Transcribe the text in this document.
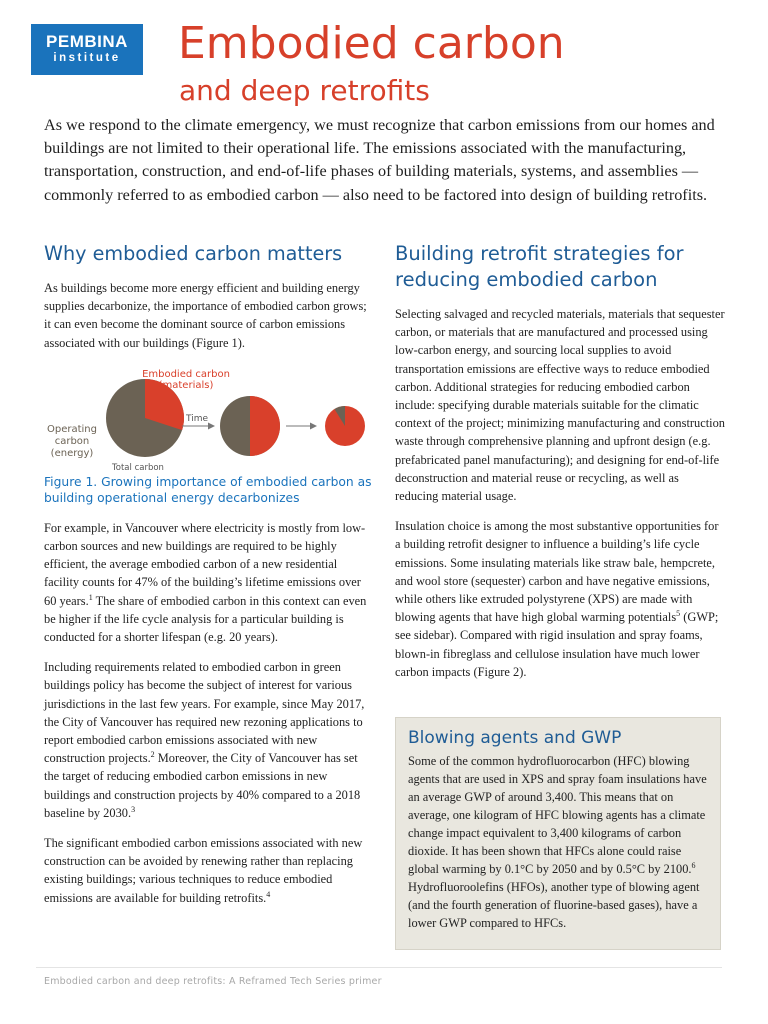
PEMBINA
institute	Embodied carbon
and deep retrofits

As we respond to the climate emergency, we must recognize that carbon emissions from our homes and buildings are not limited to their operational life. The emissions associated with the manufacturing, transportation, construction, and end-of-life phases of building materials, systems, and assemblies — commonly referred to as embodied carbon — also need to be factored into design of building retrofits.

Why embodied carbon matters

As buildings become more energy efficient and building energy supplies decarbonize, the importance of embodied carbon grows; it can even become the dominant source of carbon emissions associated with our buildings (Figure 1).

Embodied carbon
Operating
carbon
(energy)
Time
Total carbon
(materials)

Figure 1. Growing importance of embodied carbon as building operational energy decarbonizes

For example, in Vancouver where electricity is mostly from low-carbon sources and new buildings are required to be highly efficient, the average embodied carbon of a new residential facility counts for 47% of the building’s lifetime emissions over 60 years.$^1$ The share of embodied carbon in this context can even be higher if the life cycle analysis for a particular building is conducted for a shorter lifespan (e.g. 20 years).

Including requirements related to embodied carbon in green buildings policy has become the subject of interest for various jurisdictions in the last few years. For example, since May 2017, the City of Vancouver has required new rezoning applications to report embodied carbon emissions associated with new construction projects.$^2$ Moreover, the City of Vancouver has set the target of reducing embodied carbon emissions in new buildings and construction projects by 40% compared to a 2018 baseline by 2030.$^3$

The significant embodied carbon emissions associated with new construction can be avoided by renewing rather than replacing existing buildings; various techniques to reduce embodied emissions are available for building retrofits.$^4$

Building retrofit strategies for
reducing embodied carbon

Selecting salvaged and recycled materials, materials that sequester carbon, or materials that are manufactured and processed using low-carbon energy, and sourcing local supplies to avoid transportation emissions are effective ways to reduce embodied carbon. Additional strategies for reducing embodied carbon include: specifying durable materials suitable for the climatic context of the project; minimizing manufacturing and construction waste through comprehensive planning and upfront design (e.g. prefabricated panel manufacturing); and designing for end-of-life deconstruction and material reuse or recycling, as well as reducing material usage.

Insulation choice is among the most substantive opportunities for a building retrofit designer to influence a building’s life cycle emissions. Some insulating materials like straw bale, hempcrete, and wool store (sequester) carbon and have negative emissions, while others like extruded polystyrene (XPS) are made with blowing agents that have high global warming potentials$^5$ (GWP; see sidebar). Compared with rigid insulation and spray foams, blown-in fibreglass and cellulose insulation have much lower carbon impacts (Figure 2).

Blowing agents and GWP

Some of the common hydrofluorocarbon (HFC) blowing agents that are used in XPS and spray foam insulations have an average GWP of around 3,400. This means that on average, one kilogram of HFC blowing agents has a climate change impact equivalent to 3,400 kilograms of carbon dioxide. It has been shown that HFCs alone could raise global warming by 0.1°C by 2050 and by 0.5°C by 2100.$^6$ Hydrofluoroolefins (HFOs), another type of blowing agent (and the fourth generation of fluorine-based gases), have a lower GWP compared to HFCs.

Embodied carbon and deep retrofits: A Reframed Tech Series primer
